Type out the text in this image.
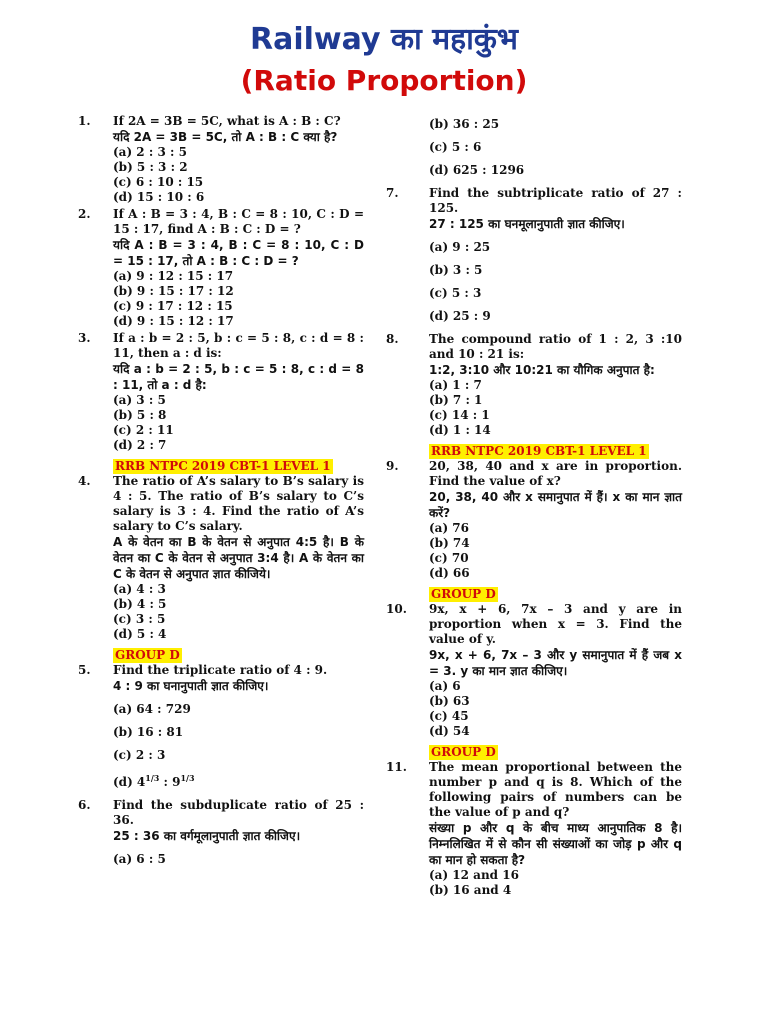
Railway का महाकुंभ
(Ratio Proportion)
1. If 2A = 3B = 5C, what is A : B : C?
यदि 2A = 3B = 5C, तो A : B : C क्या है?
(a) 2 : 3 : 5
(b) 5 : 3 : 2
(c) 6 : 10 : 15
(d) 15 : 10 : 6
2. If A : B = 3 : 4, B : C = 8 : 10, C : D = 15 : 17, find A : B : C : D = ?
यदि A : B = 3 : 4, B : C = 8 : 10, C : D = 15 : 17, तो A : B : C : D = ?
(a) 9 : 12 : 15 : 17
(b) 9 : 15 : 17 : 12
(c) 9 : 17 : 12 : 15
(d) 9 : 15 : 12 : 17
3. If a : b = 2 : 5, b : c = 5 : 8, c : d = 8 : 11, then a : d is:
यदि a : b = 2 : 5, b : c = 5 : 8, c : d = 8 : 11, तो a : d है:
(a) 3 : 5
(b) 5 : 8
(c) 2 : 11
(d) 2 : 7
RRB NTPC 2019 CBT-1 LEVEL 1
4. The ratio of A’s salary to B’s salary is 4 : 5. The ratio of B’s salary to C’s salary is 3 : 4. Find the ratio of A’s salary to C’s salary.
A के वेतन का B के वेतन से अनुपात 4:5 है। B के वेतन का C के वेतन से अनुपात 3:4 है। A के वेतन का C के वेतन से अनुपात ज्ञात कीजिये।
(a) 4 : 3
(b) 4 : 5
(c) 3 : 5
(d) 5 : 4
GROUP D
5. Find the triplicate ratio of 4 : 9.
4 : 9 का घनानुपाती ज्ञात कीजिए।
(a) 64 : 729
(b) 16 : 81
(c) 2 : 3
(d) $4^{1/3}$ : $9^{1/3}$
6. Find the subduplicate ratio of 25 : 36.
25 : 36 का वर्गमूलानुपाती ज्ञात कीजिए।
(a) 6 : 5
(b) 36 : 25
(c) 5 : 6
(d) 625 : 1296
7.	Find the subtriplicate ratio of 27 : 125.
27 : 125 का घनमूलानुपाती ज्ञात कीजिए।
(a) 9 : 25
(b) 3 : 5
(c) 5 : 3
(d) 25 : 9
8.	The compound ratio of 1 : 2, 3 :10 and 10 : 21 is:
1:2, 3:10 और 10:21 का यौगिक अनुपात है:
(a) 1 : 7
(b) 7 : 1
(c) 14 : 1
(d) 1 : 14
RRB NTPC 2019 CBT-1 LEVEL 1
9.	20, 38, 40 and x are in proportion. Find the value of x?
20, 38, 40 और x समानुपात में हैं। x का मान ज्ञात करें?
(a) 76
(b) 74
(c) 70
(d) 66
GROUP D
10. 9x, x + 6, 7x – 3 and y are in proportion when x = 3. Find the value of y.
9x, x + 6, 7x – 3 और y समानुपात में हैं जब x = 3. y का मान ज्ञात कीजिए।
(a) 6
(b) 63
(c) 45
(d) 54
GROUP D
11. The mean proportional between the number p and q is 8. Which of the following pairs of numbers can be the value of p and q?
संख्या p और q के बीच माध्य आनुपातिक 8 है। निम्नलिखित में से कौन सी संख्याओं का जोड़ p और q का मान हो सकता है?
(a) 12 and 16
(b) 16 and 4
